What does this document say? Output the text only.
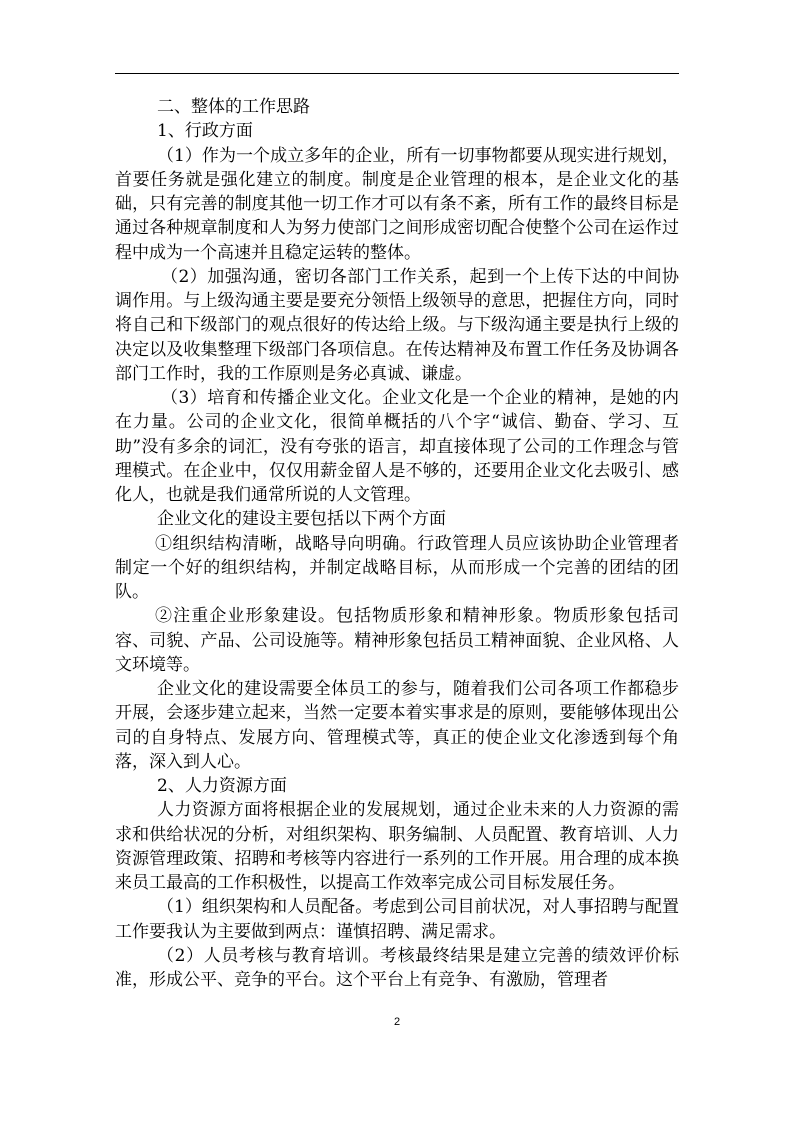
二、整体的工作思路

1、行政方面

（1）作为一个成立多年的企业，所有一切事物都要从现实进行规划，首要任务就是强化建立的制度。制度是企业管理的根本，是企业文化的基础，只有完善的制度其他一切工作才可以有条不紊，所有工作的最终目标是通过各种规章制度和人为努力使部门之间形成密切配合使整个公司在运作过程中成为一个高速并且稳定运转的整体。

（2）加强沟通，密切各部门工作关系，起到一个上传下达的中间协调作用。与上级沟通主要是要充分领悟上级领导的意思，把握住方向，同时将自己和下级部门的观点很好的传达给上级。与下级沟通主要是执行上级的决定以及收集整理下级部门各项信息。在传达精神及布置工作任务及协调各部门工作时，我的工作原则是务必真诚、谦虚。

（3）培育和传播企业文化。企业文化是一个企业的精神，是她的内在力量。公司的企业文化，很简单概括的八个字“诚信、勤奋、学习、互助”没有多余的词汇，没有夸张的语言，却直接体现了公司的工作理念与管理模式。在企业中，仅仅用薪金留人是不够的，还要用企业文化去吸引、感化人，也就是我们通常所说的人文管理。

企业文化的建设主要包括以下两个方面

①组织结构清晰，战略导向明确。行政管理人员应该协助企业管理者制定一个好的组织结构，并制定战略目标，从而形成一个完善的团结的团队。

②注重企业形象建设。包括物质形象和精神形象。物质形象包括司容、司貌、产品、公司设施等。精神形象包括员工精神面貌、企业风格、人文环境等。

企业文化的建设需要全体员工的参与，随着我们公司各项工作都稳步开展，会逐步建立起来，当然一定要本着实事求是的原则，要能够体现出公司的自身特点、发展方向、管理模式等，真正的使企业文化渗透到每个角落，深入到人心。

2、人力资源方面

人力资源方面将根据企业的发展规划，通过企业未来的人力资源的需求和供给状况的分析，对组织架构、职务编制、人员配置、教育培训、人力资源管理政策、招聘和考核等内容进行一系列的工作开展。用合理的成本换来员工最高的工作积极性，以提高工作效率完成公司目标发展任务。

（1）组织架构和人员配备。考虑到公司目前状况，对人事招聘与配置工作要我认为主要做到两点：谨慎招聘、满足需求。

（2）人员考核与教育培训。考核最终结果是建立完善的绩效评价标准，形成公平、竞争的平台。这个平台上有竞争、有激励，管理者

2
